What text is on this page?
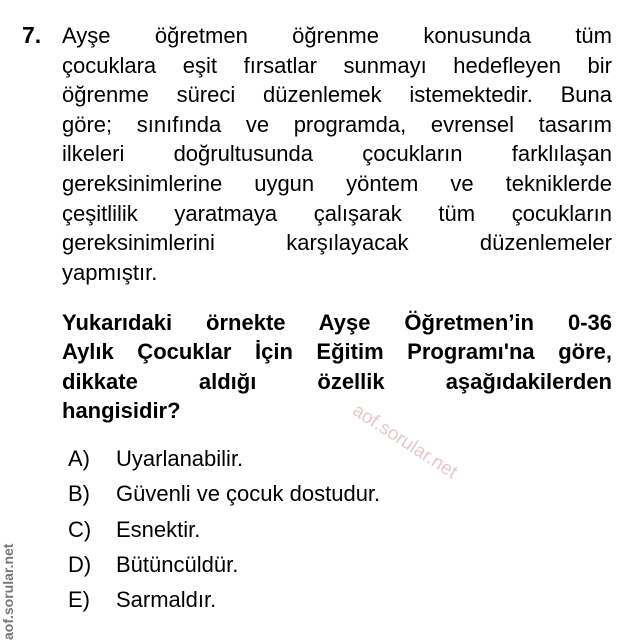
7. Ayşe öğretmen öğrenme konusunda tüm
çocuklara eşit fırsatlar sunmayı hedefleyen bir
öğrenme süreci düzenlemek istemektedir. Buna
göre; sınıfında ve programda, evrensel tasarım
ilkeleri doğrultusunda çocukların farklılaşan
gereksinimlerine uygun yöntem ve tekniklerde
çeşitlilik yaratmaya çalışarak tüm çocukların
gereksinimlerini karşılayacak düzenlemeler
yapmıştır.
Yukarıdaki örnekte Ayşe Öğretmen’in 0-36
Aylık Çocuklar İçin Eğitim Programı'na göre,
dikkate aldığı özellik aşağıdakilerden
hangisidir?
A)	Uyarlanabilir.
B)	Güvenli ve çocuk dostudur.
C)	Esnektir.
D)	Bütüncüldür.
E)	Sarmaldır.
aof.sorular.net
aof.sorular.net
